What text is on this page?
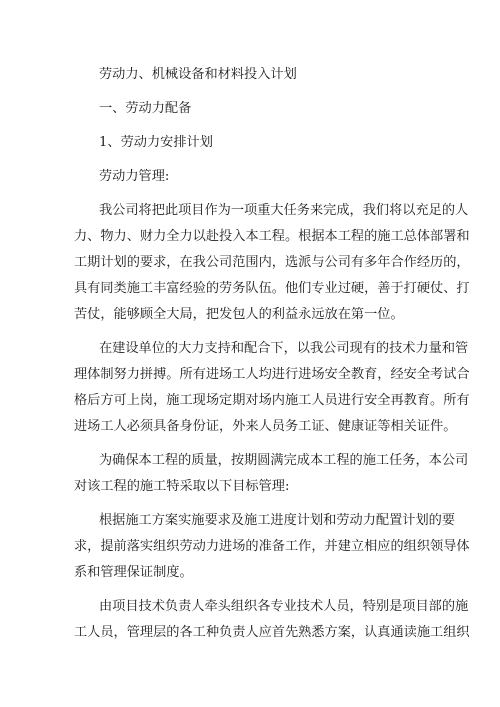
劳动力、机械设备和材料投入计划

一、劳动力配备

1、劳动力安排计划

劳动力管理:

我公司将把此项目作为一项重大任务来完成，我们将以充足的人

力、物力、财力全力以赴投入本工程。根据本工程的施工总体部署和

工期计划的要求，在我公司范围内，选派与公司有多年合作经历的，

具有同类施工丰富经验的劳务队伍。他们专业过硬，善于打硬仗、打

苦仗，能够顾全大局，把发包人的利益永远放在第一位。

在建设单位的大力支持和配合下，以我公司现有的技术力量和管

理体制努力拼搏。所有进场工人均进行进场安全教育，经安全考试合

格后方可上岗，施工现场定期对场内施工人员进行安全再教育。所有

进场工人必须具备身份证，外来人员务工证、健康证等相关证件。

为确保本工程的质量，按期圆满完成本工程的施工任务，本公司

对该工程的施工特采取以下目标管理:

根据施工方案实施要求及施工进度计划和劳动力配置计划的要

求，提前落实组织劳动力进场的准备工作，并建立相应的组织领导体

系和管理保证制度。

由项目技术负责人牵头组织各专业技术人员，特别是项目部的施

工人员，管理层的各工种负责人应首先熟悉方案，认真通读施工组织
